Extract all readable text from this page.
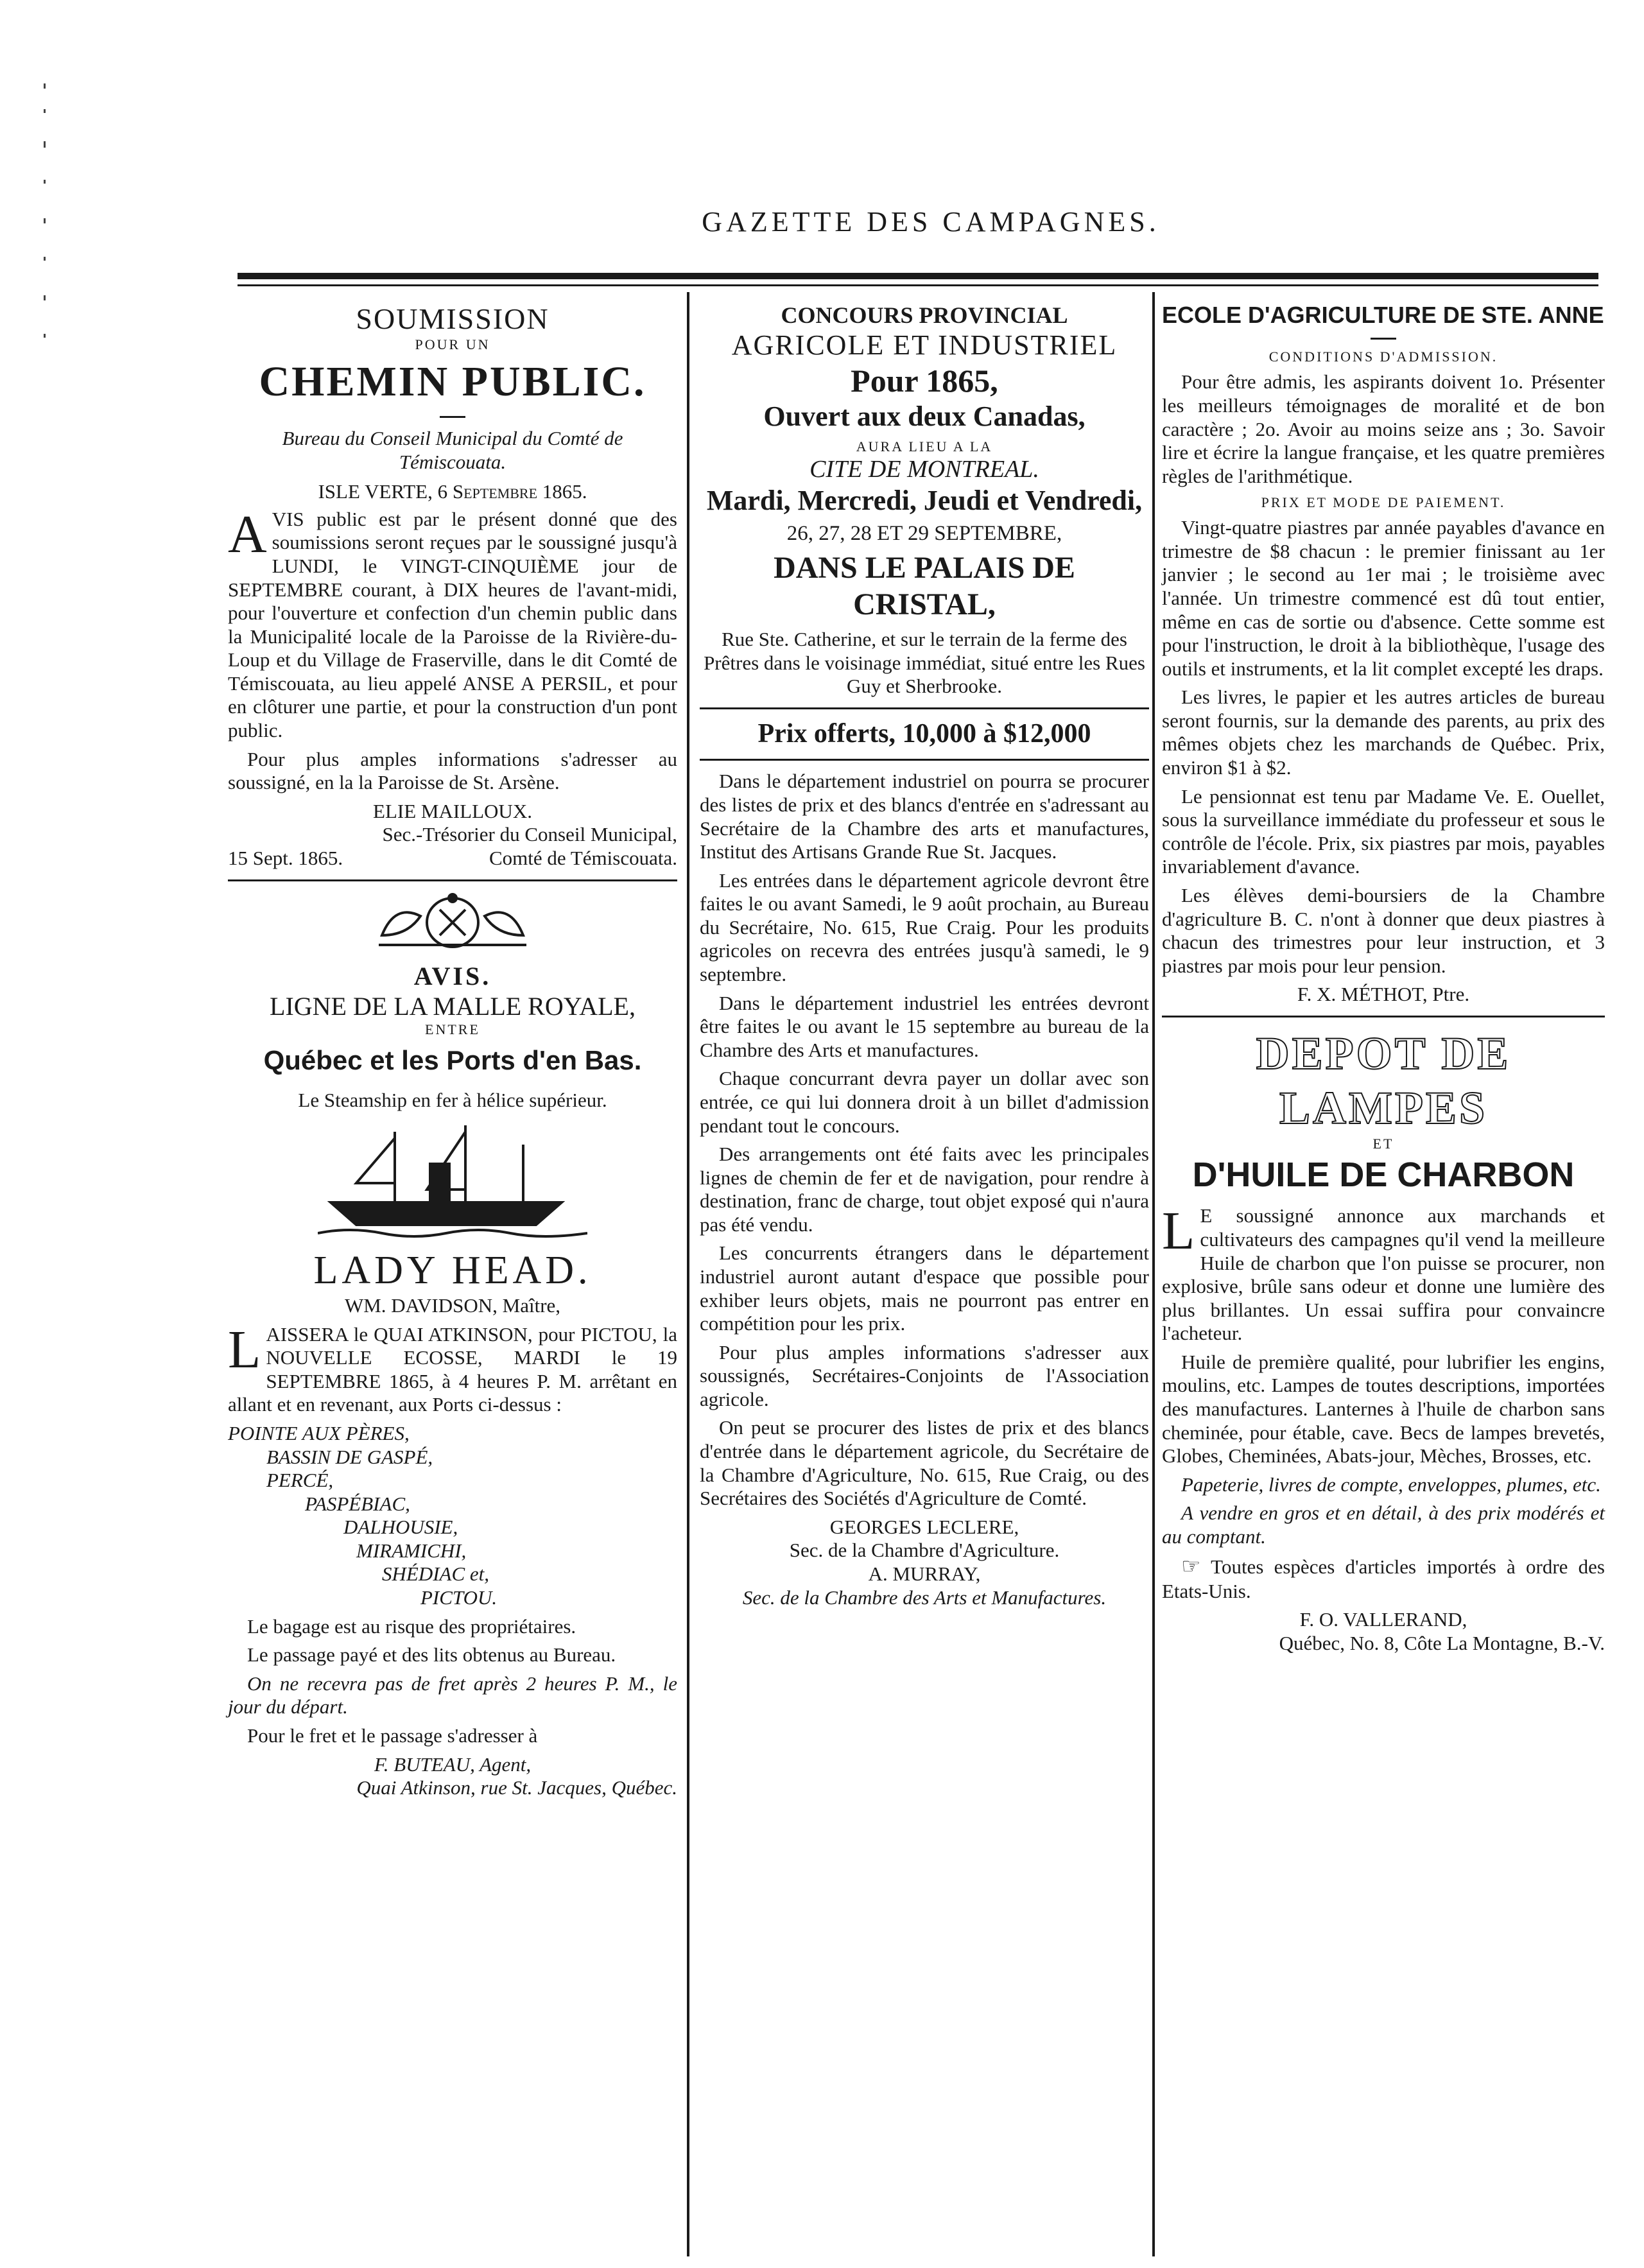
GAZETTE DES CAMPAGNES.
SOUMISSION
POUR UN
CHEMIN PUBLIC.
Bureau du Conseil Municipal du Comté de Témiscouata.
ISLE VERTE, 6 Septembre 1865.

AVIS public est par le présent donné que des soumissions seront reçues par le soussigné jusqu'à LUNDI, le VINGT-CINQUIÈME jour de SEPTEMBRE courant, à DIX heures de l'avant-midi, pour l'ouverture et confection d'un chemin public dans la Municipalité locale de la Paroisse de la Rivière-du-Loup et du Village de Fraserville, dans le dit Comté de Témiscouata, au lieu appelé ANSE A PERSIL, et pour en clôturer une partie, et pour la construction d'un pont public.

Pour plus amples informations s'adresser au soussigné, en la la Paroisse de St. Arsène.

ELIE MAILLOUX.
Sec.-Trésorier du Conseil Municipal,
15 Sept. 1865.	Comté de Témiscouata.
AVIS.
LIGNE DE LA MALLE ROYALE,
ENTRE
Québec et les Ports d'en Bas.
Le Steamship en fer à hélice supérieur.
LADY HEAD.
WM. DAVIDSON, Maître,

LAISSERA le QUAI ATKINSON, pour PICTOU, la NOUVELLE ECOSSE, MARDI le 19 SEPTEMBRE 1865, à 4 heures P. M. arrêtant en allant et en revenant, aux Ports ci-dessus :

POINTE AUX PÈRES,
BASSIN DE GASPÉ,
PERCÉ,
PASPÉBIAC,
DALHOUSIE,
MIRAMICHI,
SHÉDIAC et,
PICTOU.

Le bagage est au risque des propriétaires.

Le passage payé et des lits obtenus au Bureau.

On ne recevra pas de fret après 2 heures P. M., le jour du départ.

Pour le fret et le passage s'adresser à

F. BUTEAU, Agent,
Quai Atkinson, rue St. Jacques, Québec.
CONCOURS PROVINCIAL
AGRICOLE ET INDUSTRIEL
Pour 1865,
Ouvert aux deux Canadas,
AURA LIEU A LA
CITE DE MONTREAL.
Mardi, Mercredi, Jeudi et Vendredi,
26, 27, 28 ET 29 SEPTEMBRE,
DANS LE PALAIS DE CRISTAL,
Rue Ste. Catherine, et sur le terrain de la ferme des Prêtres dans le voisinage immédiat, situé entre les Rues Guy et Sherbrooke.
Prix offerts, 10,000 à $12,000

Dans le département industriel on pourra se procurer des listes de prix et des blancs d'entrée en s'adressant au Secrétaire de la Chambre des arts et manufactures, Institut des Artisans Grande Rue St. Jacques.

Les entrées dans le département agricole devront être faites le ou avant Samedi, le 9 août prochain, au Bureau du Secrétaire, No. 615, Rue Craig. Pour les produits agricoles on recevra des entrées jusqu'à samedi, le 9 septembre.

Dans le département industriel les entrées devront être faites le ou avant le 15 septembre au bureau de la Chambre des Arts et manufactures.

Chaque concurrant devra payer un dollar avec son entrée, ce qui lui donnera droit à un billet d'admission pendant tout le concours.

Des arrangements ont été faits avec les principales lignes de chemin de fer et de navigation, pour rendre à destination, franc de charge, tout objet exposé qui n'aura pas été vendu.

Les concurrents étrangers dans le département industriel auront autant d'espace que possible pour exhiber leurs objets, mais ne pourront pas entrer en compétition pour les prix.

Pour plus amples informations s'adresser aux soussignés, Secrétaires-Conjoints de l'Association agricole.

On peut se procurer des listes de prix et des blancs d'entrée dans le département agricole, du Secrétaire de la Chambre d'Agriculture, No. 615, Rue Craig, ou des Secrétaires des Sociétés d'Agriculture de Comté.

GEORGES LECLERE,
Sec. de la Chambre d'Agriculture.
A. MURRAY,
Sec. de la Chambre des Arts et Manufactures.
ECOLE D'AGRICULTURE DE STE. ANNE
CONDITIONS D'ADMISSION.

Pour être admis, les aspirants doivent 1o. Présenter les meilleurs témoignages de moralité et de bon caractère ; 2o. Avoir au moins seize ans ; 3o. Savoir lire et écrire la langue française, et les quatre premières règles de l'arithmétique.

PRIX ET MODE DE PAIEMENT.

Vingt-quatre piastres par année payables d'avance en trimestre de $8 chacun : le premier finissant au 1er janvier ; le second au 1er mai ; le troisième avec l'année. Un trimestre commencé est dû tout entier, même en cas de sortie ou d'absence. Cette somme est pour l'instruction, le droit à la bibliothèque, l'usage des outils et instruments, et la lit complet excepté les draps.

Les livres, le papier et les autres articles de bureau seront fournis, sur la demande des parents, au prix des mêmes objets chez les marchands de Québec. Prix, environ $1 à $2.

Le pensionnat est tenu par Madame Ve. E. Ouellet, sous la surveillance immédiate du professeur et sous le contrôle de l'école. Prix, six piastres par mois, payables invariablement d'avance.

Les élèves demi-boursiers de la Chambre d'agriculture B. C. n'ont à donner que deux piastres à chacun des trimestres pour leur instruction, et 3 piastres par mois pour leur pension.

F. X. MÉTHOT, Ptre.
DEPOT DE LAMPES
ET
D'HUILE DE CHARBON

LE soussigné annonce aux marchands et cultivateurs des campagnes qu'il vend la meilleure Huile de charbon que l'on puisse se procurer, non explosive, brûle sans odeur et donne une lumière des plus brillantes. Un essai suffira pour convaincre l'acheteur.

Huile de première qualité, pour lubrifier les engins, moulins, etc. Lampes de toutes descriptions, importées des manufactures. Lanternes à l'huile de charbon sans cheminée, pour étable, cave. Becs de lampes brevetés, Globes, Cheminées, Abats-jour, Mèches, Brosses, etc.

Papeterie, livres de compte, enveloppes, plumes, etc.

A vendre en gros et en détail, à des prix modérés et au comptant.

☞ Toutes espèces d'articles importés à ordre des Etats-Unis.

F. O. VALLERAND,
Québec, No. 8, Côte La Montagne, B.-V.
